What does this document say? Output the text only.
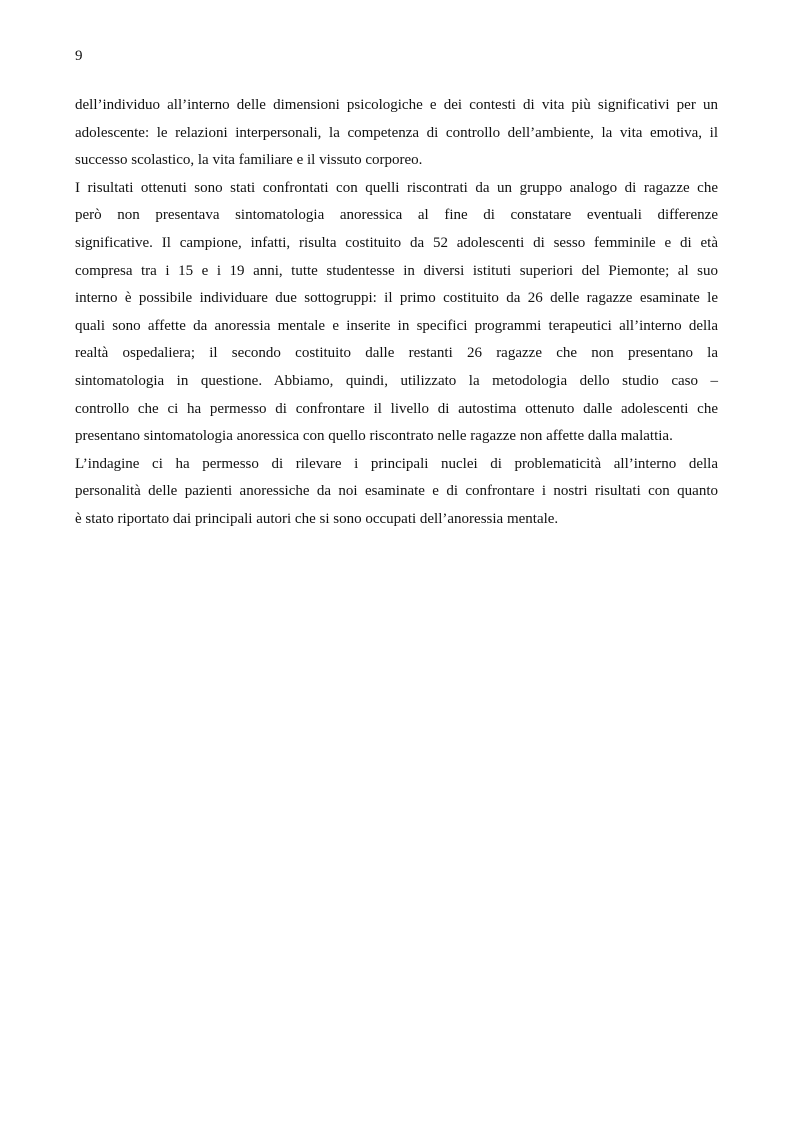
9

dell’individuo all’interno delle dimensioni psicologiche e dei contesti di vita più significativi per un
adolescente: le relazioni interpersonali, la competenza di controllo dell’ambiente, la vita emotiva, il
successo scolastico, la vita familiare e il vissuto corporeo.

I risultati ottenuti sono stati confrontati con quelli riscontrati da un gruppo analogo di ragazze che
però non presentava sintomatologia anoressica al fine di constatare eventuali differenze
significative. Il campione, infatti, risulta costituito da 52 adolescenti di sesso femminile e di età
compresa tra i 15 e i 19 anni, tutte studentesse in diversi istituti superiori del Piemonte; al suo
interno è possibile individuare due sottogruppi: il primo costituito da 26 delle ragazze esaminate le
quali sono affette da anoressia mentale e inserite in specifici programmi terapeutici all’interno della
realtà ospedaliera; il secondo costituito dalle restanti 26 ragazze che non presentano la
sintomatologia in questione. Abbiamo, quindi, utilizzato la metodologia dello studio caso –
controllo che ci ha permesso di confrontare il livello di autostima ottenuto dalle adolescenti che
presentano sintomatologia anoressica con quello riscontrato nelle ragazze non affette dalla malattia.

L’indagine ci ha permesso di rilevare i principali nuclei di problematicità all’interno della
personalità delle pazienti anoressiche da noi esaminate e di confrontare i nostri risultati con quanto
è stato riportato dai principali autori che si sono occupati dell’anoressia mentale.
